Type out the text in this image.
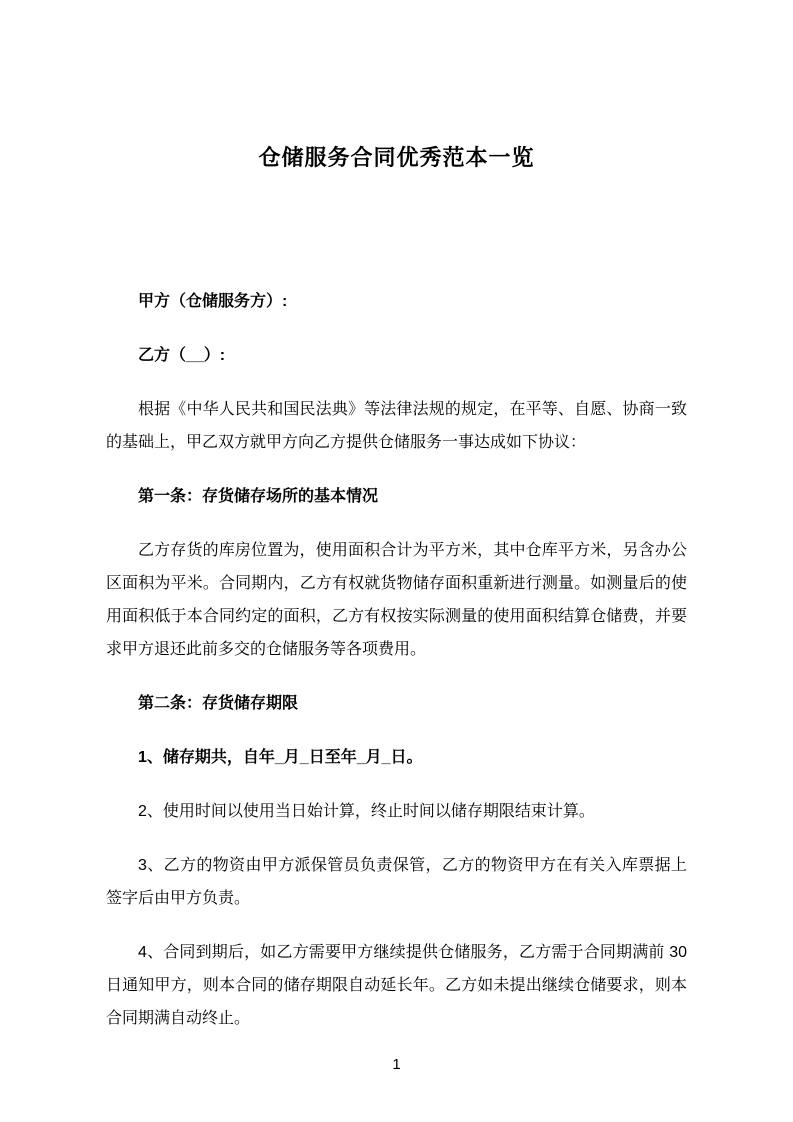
仓储服务合同优秀范本一览

甲方（仓储服务方）:

乙方（__）:

根据《中华人民共和国民法典》等法律法规的规定，在平等、自愿、协商一致的基础上，甲乙双方就甲方向乙方提供仓储服务一事达成如下协议：

第一条：存货储存场所的基本情况

乙方存货的库房位置为，使用面积合计为平方米，其中仓库平方米，另含办公区面积为平米。合同期内，乙方有权就货物储存面积重新进行测量。如测量后的使用面积低于本合同约定的面积，乙方有权按实际测量的使用面积结算仓储费，并要求甲方退还此前多交的仓储服务等各项费用。

第二条：存货储存期限

1、储存期共，自年_月_日至年_月_日。

2、使用时间以使用当日始计算，终止时间以储存期限结束计算。

3、乙方的物资由甲方派保管员负责保管，乙方的物资甲方在有关入库票据上签字后由甲方负责。

4、合同到期后，如乙方需要甲方继续提供仓储服务，乙方需于合同期满前 30 日通知甲方，则本合同的储存期限自动延长年。乙方如未提出继续仓储要求，则本合同期满自动终止。

1
